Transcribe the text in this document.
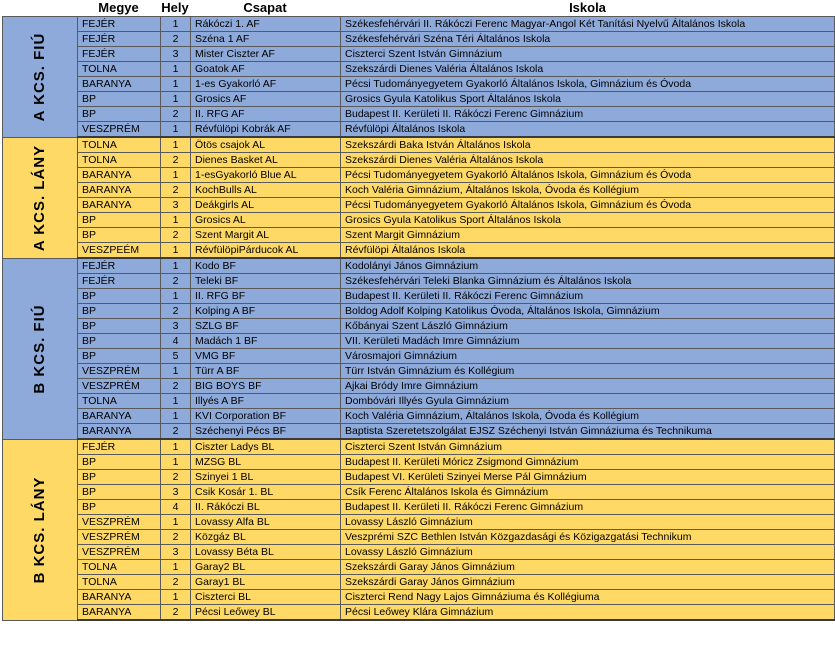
Megye	Hely	Csapat	Iskola
A KCS. FIÚ	FEJÉR	1	Rákóczi 1. AF	Székesfehérvári II. Rákóczi Ferenc Magyar-Angol Két Tanítási Nyelvű Általános Iskola
	FEJÉR	2	Széna 1 AF	Székesfehérvári Széna Téri Általános Iskola
	FEJÉR	3	Mister Ciszter AF	Ciszterci Szent István Gimnázium
	TOLNA	1	Goatok AF	Szekszárdi Dienes Valéria Általános Iskola
	BARANYA	1	1-es Gyakorló AF	Pécsi Tudományegyetem Gyakorló Általános Iskola, Gimnázium és Óvoda
	BP	1	Grosics AF	Grosics Gyula Katolikus Sport Általános Iskola
	BP	2	II. RFG AF	Budapest II. Kerületi II. Rákóczi Ferenc Gimnázium
	VESZPRÉM	1	Révfülöpi Kobrák AF	Révfülöpi Általános Iskola

A KCS. LÁNY	TOLNA	1	Ötös csajok AL	Szekszárdi Baka István Általános Iskola
	TOLNA	2	Dienes Basket AL	Szekszárdi Dienes Valéria Általános Iskola
	BARANYA	1	1-esGyakorló Blue AL	Pécsi Tudományegyetem Gyakorló Általános Iskola, Gimnázium és Óvoda
	BARANYA	2	KochBulls AL	Koch Valéria Gimnázium, Általános Iskola, Óvoda és Kollégium
	BARANYA	3	Deákgirls AL	Pécsi Tudományegyetem Gyakorló Általános Iskola, Gimnázium és Óvoda
	BP	1	Grosics AL	Grosics Gyula Katolikus Sport Általános Iskola
	BP	2	Szent Margit AL	Szent Margit Gimnázium
	VESZPEÉM	1	RévfülöpiPárducok AL	Révfülöpi Általános Iskola

B KCS. FIÚ	FEJÉR	1	Kodo BF	Kodolányi János Gimnázium
	FEJÉR	2	Teleki BF	Székesfehérvári Teleki Blanka Gimnázium és Általános Iskola
	BP	1	II. RFG BF	Budapest II. Kerületi II. Rákóczi Ferenc Gimnázium
	BP	2	Kolping A BF	Boldog Adolf Kolping Katolikus Óvoda, Általános Iskola, Gimnázium
	BP	3	SZLG BF	Kőbányai Szent László Gimnázium
	BP	4	Madách 1 BF	VII. Kerületi Madách Imre Gimnázium
	BP	5	VMG BF	Városmajori Gimnázium
	VESZPRÉM	1	Türr A BF	Türr István Gimnázium és Kollégium
	VESZPRÉM	2	BIG BOYS BF	Ajkai Bródy Imre Gimnázium
	TOLNA	1	Illyés A BF	Dombóvári Illyés Gyula Gimnázium
	BARANYA	1	KVI Corporation BF	Koch Valéria Gimnázium, Általános Iskola, Óvoda és Kollégium
	BARANYA	2	Széchenyi Pécs BF	Baptista Szeretetszolgálat EJSZ Széchenyi István Gimnáziuma és Technikuma

B KCS. LÁNY	FEJÉR	1	Ciszter Ladys BL	Ciszterci Szent István Gimnázium
	BP	1	MZSG BL	Budapest II. Kerületi Móricz Zsigmond Gimnázium
	BP	2	Szinyei 1 BL	Budapest VI. Kerületi Szinyei Merse Pál Gimnázium
	BP	3	Csik Kosár 1. BL	Csík Ferenc Általános Iskola és Gimnázium
	BP	4	II. Rákóczi BL	Budapest II. Kerületi II. Rákóczi Ferenc Gimnázium
	VESZPRÉM	1	Lovassy Alfa BL	Lovassy László Gimnázium
	VESZPRÉM	2	Közgáz BL	Veszprémi SZC Bethlen István Közgazdasági és Közigazgatási Technikum
	VESZPRÉM	3	Lovassy Béta BL	Lovassy László Gimnázium
	TOLNA	1	Garay2 BL	Szekszárdi Garay János Gimnázium
	TOLNA	2	Garay1 BL	Szekszárdi Garay János Gimnázium
	BARANYA	1	Ciszterci BL	Ciszterci Rend Nagy Lajos Gimnáziuma és Kollégiuma
	BARANYA	2	Pécsi Leőwey BL	Pécsi Leőwey Klára Gimnázium
